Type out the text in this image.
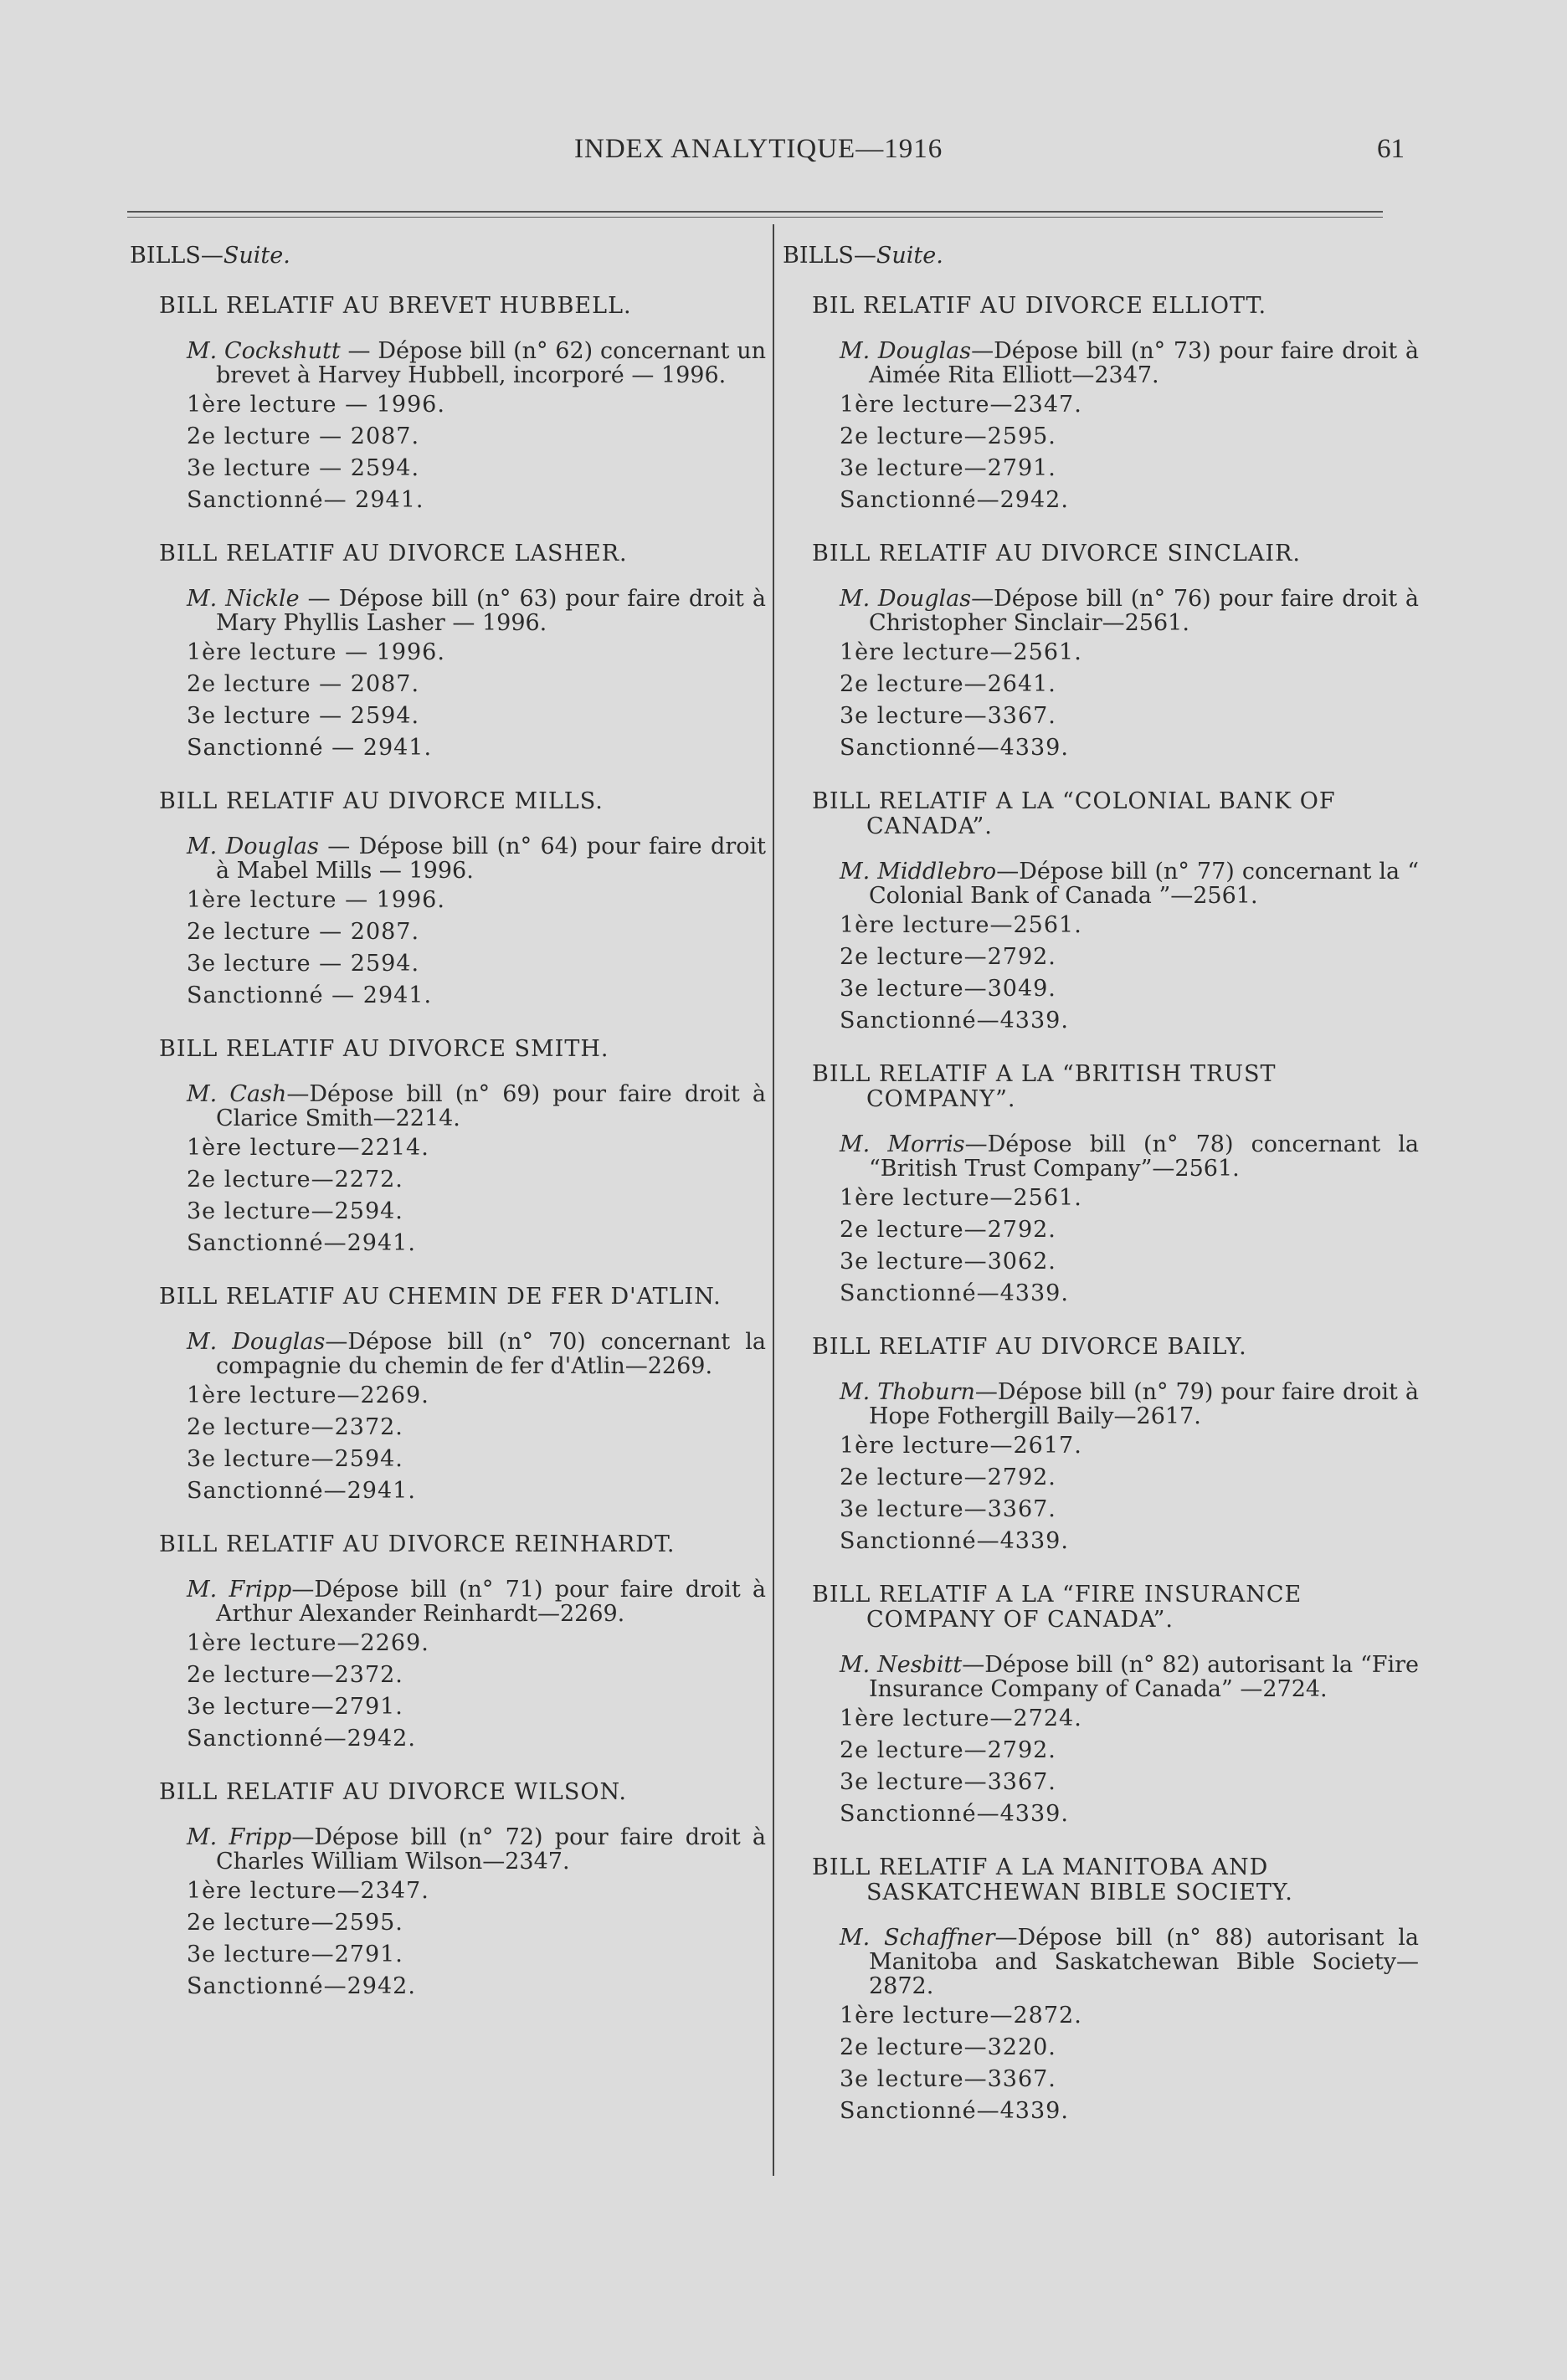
INDEX ANALYTIQUE—1916	61
BILLS—Suite.
BILL RELATIF AU BREVET HUBBELL.
M. Cockshutt — Dépose bill (n° 62) concernant un brevet à Harvey Hubbell, incorporé — 1996.
1ère lecture — 1996.
2e lecture — 2087.
3e lecture — 2594.
Sanctionné— 2941.
BILL RELATIF AU DIVORCE LASHER.
M. Nickle — Dépose bill (n° 63) pour faire droit à Mary Phyllis Lasher — 1996.
1ère lecture — 1996.
2e lecture — 2087.
3e lecture — 2594.
Sanctionné — 2941.
BILL RELATIF AU DIVORCE MILLS.
M. Douglas — Dépose bill (n° 64) pour faire droit à Mabel Mills — 1996.
1ère lecture — 1996.
2e lecture — 2087.
3e lecture — 2594.
Sanctionné — 2941.
BILL RELATIF AU DIVORCE SMITH.
M. Cash—Dépose bill (n° 69) pour faire droit à Clarice Smith—2214.
1ère lecture—2214.
2e lecture—2272.
3e lecture—2594.
Sanctionné—2941.
BILL RELATIF AU CHEMIN DE FER D'ATLIN.
M. Douglas—Dépose bill (n° 70) concernant la compagnie du chemin de fer d'Atlin—2269.
1ère lecture—2269.
2e lecture—2372.
3e lecture—2594.
Sanctionné—2941.
BILL RELATIF AU DIVORCE REINHARDT.
M. Fripp—Dépose bill (n° 71) pour faire droit à Arthur Alexander Reinhardt—2269.
1ère lecture—2269.
2e lecture—2372.
3e lecture—2791.
Sanctionné—2942.
BILL RELATIF AU DIVORCE WILSON.
M. Fripp—Dépose bill (n° 72) pour faire droit à Charles William Wilson—2347.
1ère lecture—2347.
2e lecture—2595.
3e lecture—2791.
Sanctionné—2942.
BILLS—Suite.
BIL RELATIF AU DIVORCE ELLIOTT.
M. Douglas—Dépose bill (n° 73) pour faire droit à Aimée Rita Elliott—2347.
1ère lecture—2347.
2e lecture—2595.
3e lecture—2791.
Sanctionné—2942.
BILL RELATIF AU DIVORCE SINCLAIR.
M. Douglas—Dépose bill (n° 76) pour faire droit à Christopher Sinclair—2561.
1ère lecture—2561.
2e lecture—2641.
3e lecture—3367.
Sanctionné—4339.
BILL RELATIF A LA “COLONIAL BANK OF CANADA”.
M. Middlebro—Dépose bill (n° 77) concernant la “ Colonial Bank of Canada ”—2561.
1ère lecture—2561.
2e lecture—2792.
3e lecture—3049.
Sanctionné—4339.
BILL RELATIF A LA “BRITISH TRUST COMPANY”.
M. Morris—Dépose bill (n° 78) concernant la “British Trust Company”—2561.
1ère lecture—2561.
2e lecture—2792.
3e lecture—3062.
Sanctionné—4339.
BILL RELATIF AU DIVORCE BAILY.
M. Thoburn—Dépose bill (n° 79) pour faire droit à Hope Fothergill Baily—2617.
1ère lecture—2617.
2e lecture—2792.
3e lecture—3367.
Sanctionné—4339.
BILL RELATIF A LA “FIRE INSURANCE COMPANY OF CANADA”.
M. Nesbitt—Dépose bill (n° 82) autorisant la “Fire Insurance Company of Canada” —2724.
1ère lecture—2724.
2e lecture—2792.
3e lecture—3367.
Sanctionné—4339.
BILL RELATIF A LA MANITOBA AND SASKATCHEWAN BIBLE SOCIETY.
M. Schaffner—Dépose bill (n° 88) autorisant la Manitoba and Saskatchewan Bible Society—2872.
1ère lecture—2872.
2e lecture—3220.
3e lecture—3367.
Sanctionné—4339.
